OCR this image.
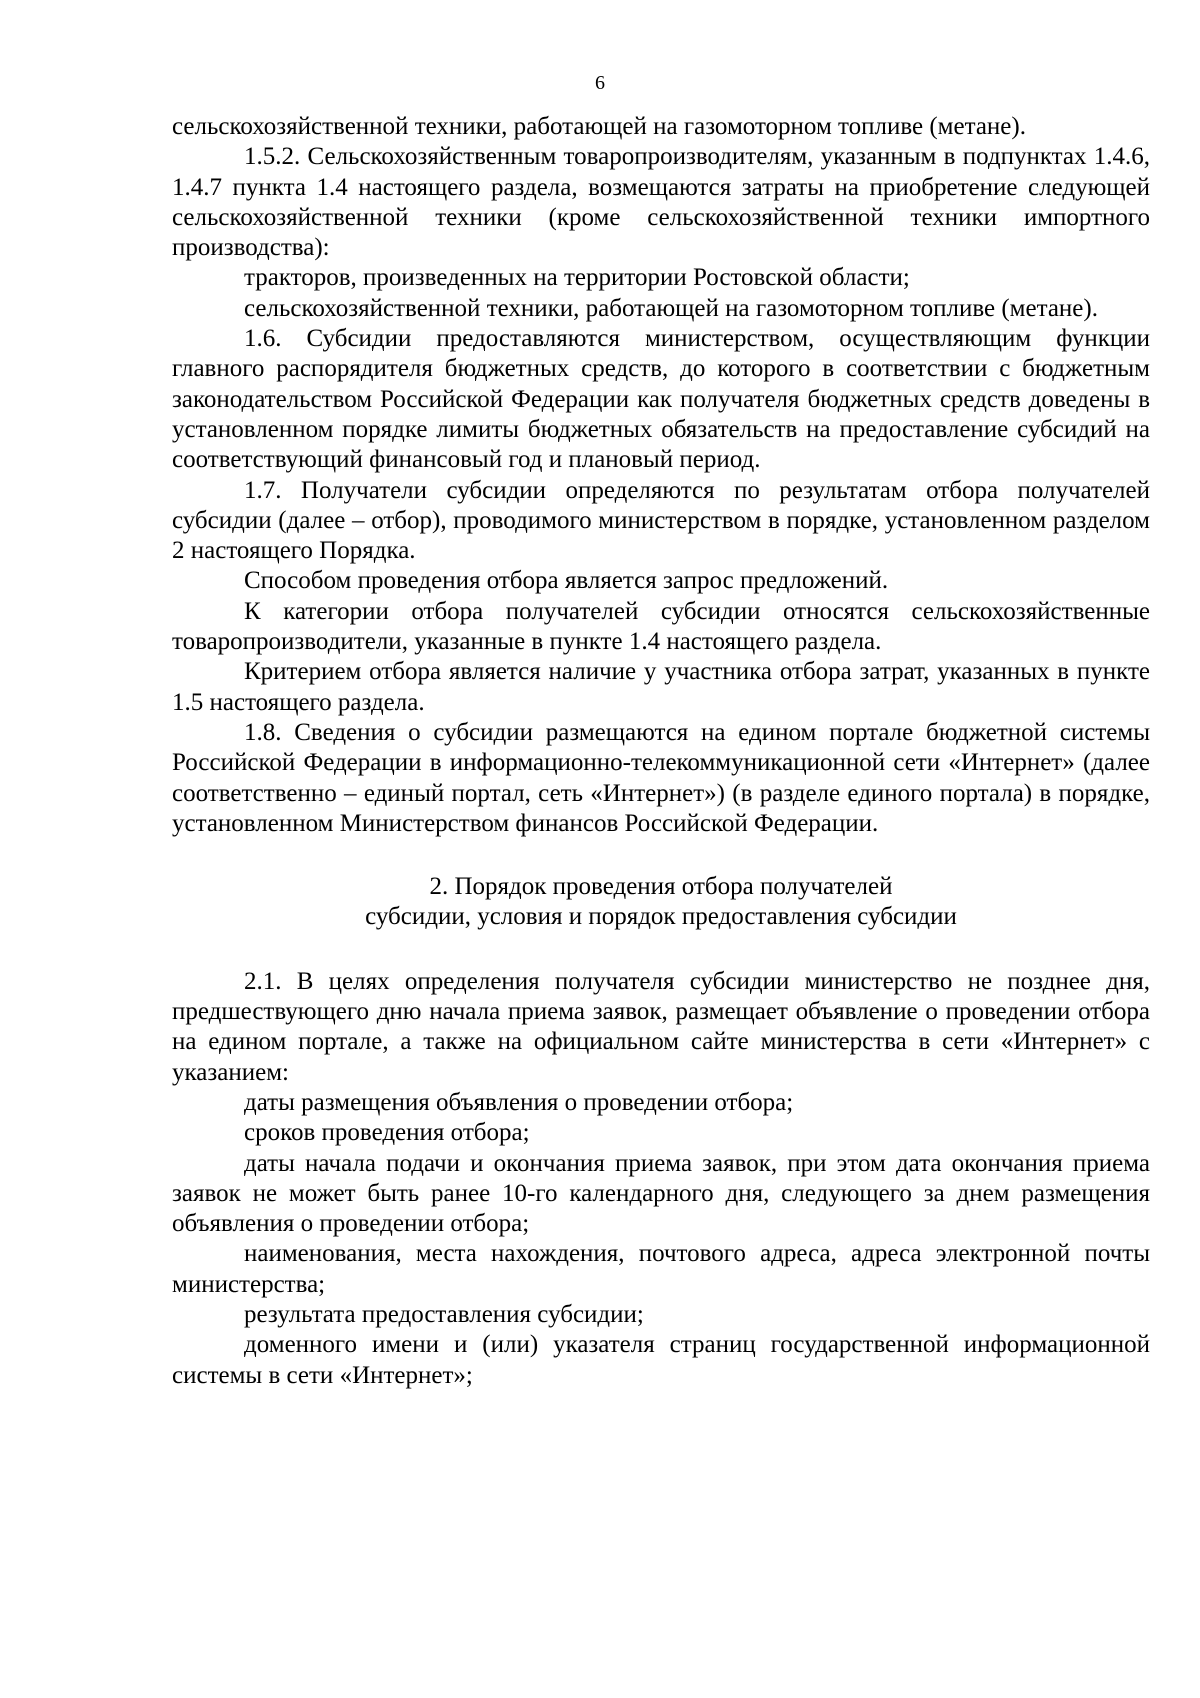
6

сельскохозяйственной техники, работающей на газомоторном топливе (метане).

1.5.2. Сельскохозяйственным товаропроизводителям, указанным в подпунктах 1.4.6, 1.4.7 пункта 1.4 настоящего раздела, возмещаются затраты на приобретение следующей сельскохозяйственной техники (кроме сельскохозяйственной техники импортного производства):

тракторов, произведенных на территории Ростовской области;

сельскохозяйственной техники, работающей на газомоторном топливе (метане).

1.6. Субсидии предоставляются министерством, осуществляющим функции главного распорядителя бюджетных средств, до которого в соответствии с бюджетным законодательством Российской Федерации как получателя бюджетных средств доведены в установленном порядке лимиты бюджетных обязательств на предоставление субсидий на соответствующий финансовый год и плановый период.

1.7. Получатели субсидии определяются по результатам отбора получателей субсидии (далее – отбор), проводимого министерством в порядке, установленном разделом 2 настоящего Порядка.

Способом проведения отбора является запрос предложений.

К категории отбора получателей субсидии относятся сельскохозяйственные товаропроизводители, указанные в пункте 1.4 настоящего раздела.

Критерием отбора является наличие у участника отбора затрат, указанных в пункте 1.5 настоящего раздела.

1.8. Сведения о субсидии размещаются на едином портале бюджетной системы Российской Федерации в информационно-телекоммуникационной сети «Интернет» (далее соответственно – единый портал, сеть «Интернет») (в разделе единого портала) в порядке, установленном Министерством финансов Российской Федерации.

2. Порядок проведения отбора получателей
субсидии, условия и порядок предоставления субсидии

2.1. В целях определения получателя субсидии министерство не позднее дня, предшествующего дню начала приема заявок, размещает объявление о проведении отбора на едином портале, а также на официальном сайте министерства в сети «Интернет» с указанием:

даты размещения объявления о проведении отбора;

сроков проведения отбора;

даты начала подачи и окончания приема заявок, при этом дата окончания приема заявок не может быть ранее 10-го календарного дня, следующего за днем размещения объявления о проведении отбора;

наименования, места нахождения, почтового адреса, адреса электронной почты министерства;

результата предоставления субсидии;

доменного имени и (или) указателя страниц государственной информационной системы в сети «Интернет»;
